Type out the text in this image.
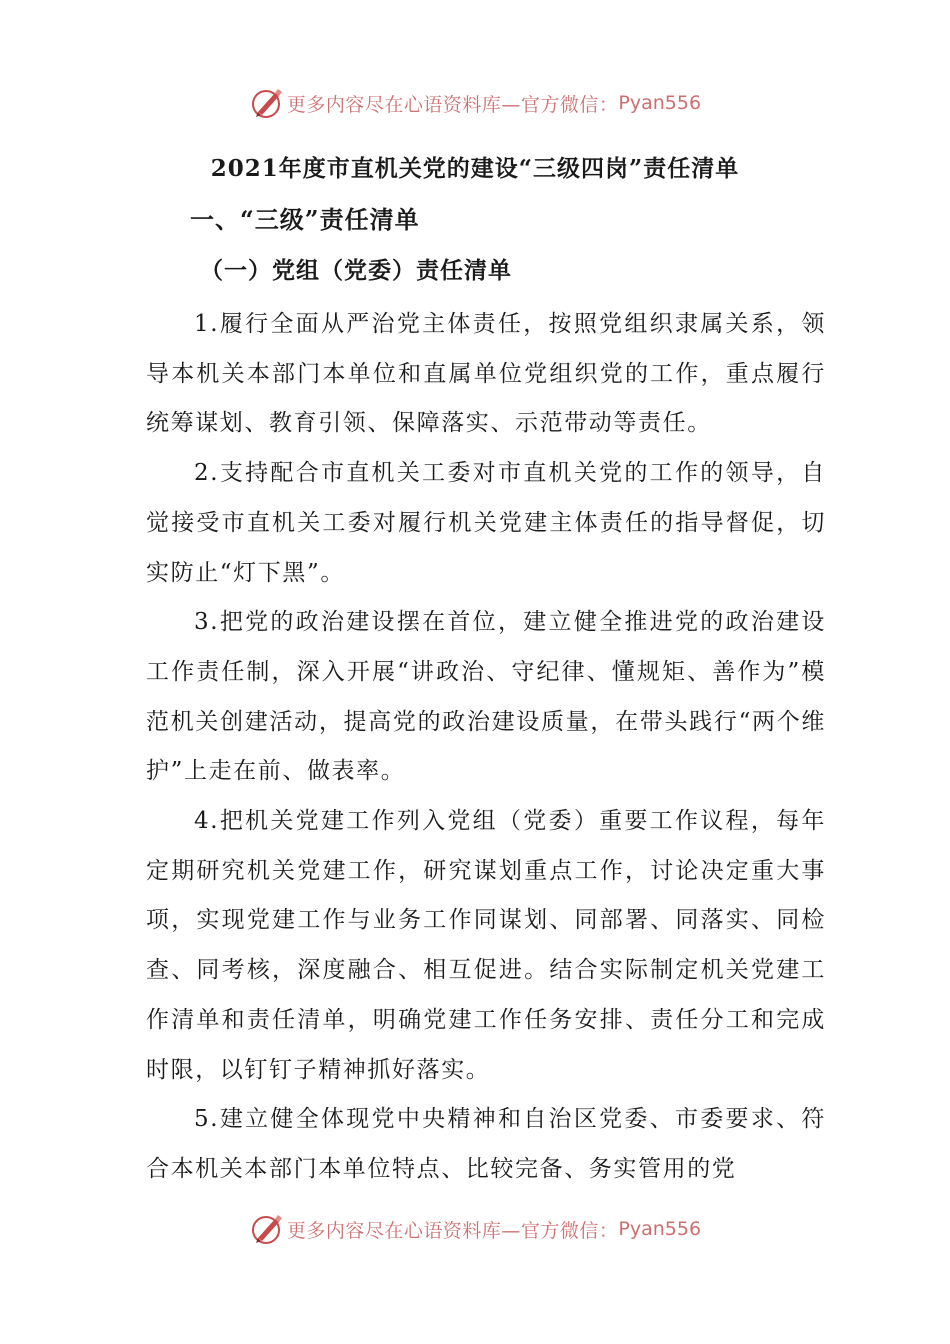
更多内容尽在心语资料库—官方微信： Pyan556
2021年度市直机关党的建设“三级四岗”责任清单
一、“三级”责任清单
（一）党组（党委）责任清单

1.履行全面从严治党主体责任，按照党组织隶属关系，领导本机关本部门本单位和直属单位党组织党的工作，重点履行统筹谋划、教育引领、保障落实、示范带动等责任。

2.支持配合市直机关工委对市直机关党的工作的领导，自觉接受市直机关工委对履行机关党建主体责任的指导督促，切实防止“灯下黑”。

3.把党的政治建设摆在首位，建立健全推进党的政治建设工作责任制，深入开展“讲政治、守纪律、懂规矩、善作为”模范机关创建活动，提高党的政治建设质量，在带头践行“两个维护”上走在前、做表率。

4.把机关党建工作列入党组（党委）重要工作议程，每年定期研究机关党建工作，研究谋划重点工作，讨论决定重大事项，实现党建工作与业务工作同谋划、同部署、同落实、同检查、同考核，深度融合、相互促进。结合实际制定机关党建工作清单和责任清单，明确党建工作任务安排、责任分工和完成时限，以钉钉子精神抓好落实。

5.建立健全体现党中央精神和自治区党委、市委要求、符合本机关本部门本单位特点、比较完备、务实管用的党

更多内容尽在心语资料库—官方微信： Pyan556
